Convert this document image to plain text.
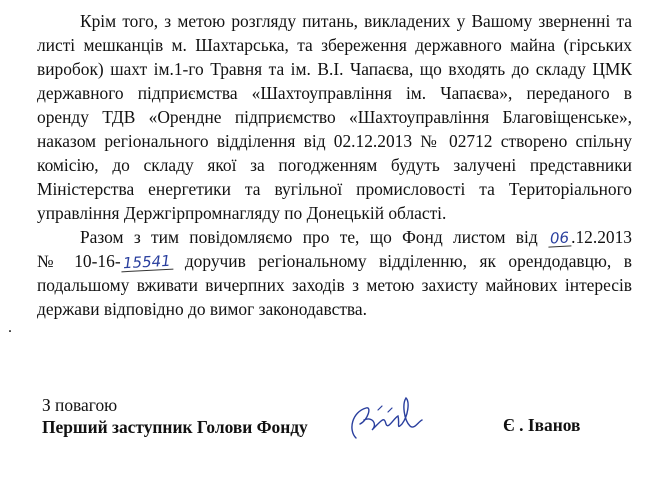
Крім того, з метою розгляду питань, викладених у Вашому зверненні та
листі мешканців м. Шахтарська, та збереження державного майна (гірських
виробок) шахт ім.1-го Травня та ім. В.І. Чапаєва, що входять до складу ЦМК
державного підприємства «Шахтоуправління ім. Чапаєва», переданого в
оренду ТДВ «Орендне підприємство «Шахтоуправління Благовіщенське»,
наказом регіонального відділення від 02.12.2013 № 02712 створено спільну
комісію, до складу якої за погодженням будуть залучені представники
Міністерства енергетики та вугільної промисловості та Територіального
управління Держгірпромнагляду по Донецькій області.
Разом з тим повідомляємо про те, що Фонд листом від 06.12.2013
№ 10-16- 15541 доручив регіональному відділенню, як орендодавцю, в
подальшому вживати вичерпних заходів з метою захисту майнових інтересів
держави відповідно до вимог законодавства.
.
З повагою
Перший заступник Голови Фонду	Є . Іванов
